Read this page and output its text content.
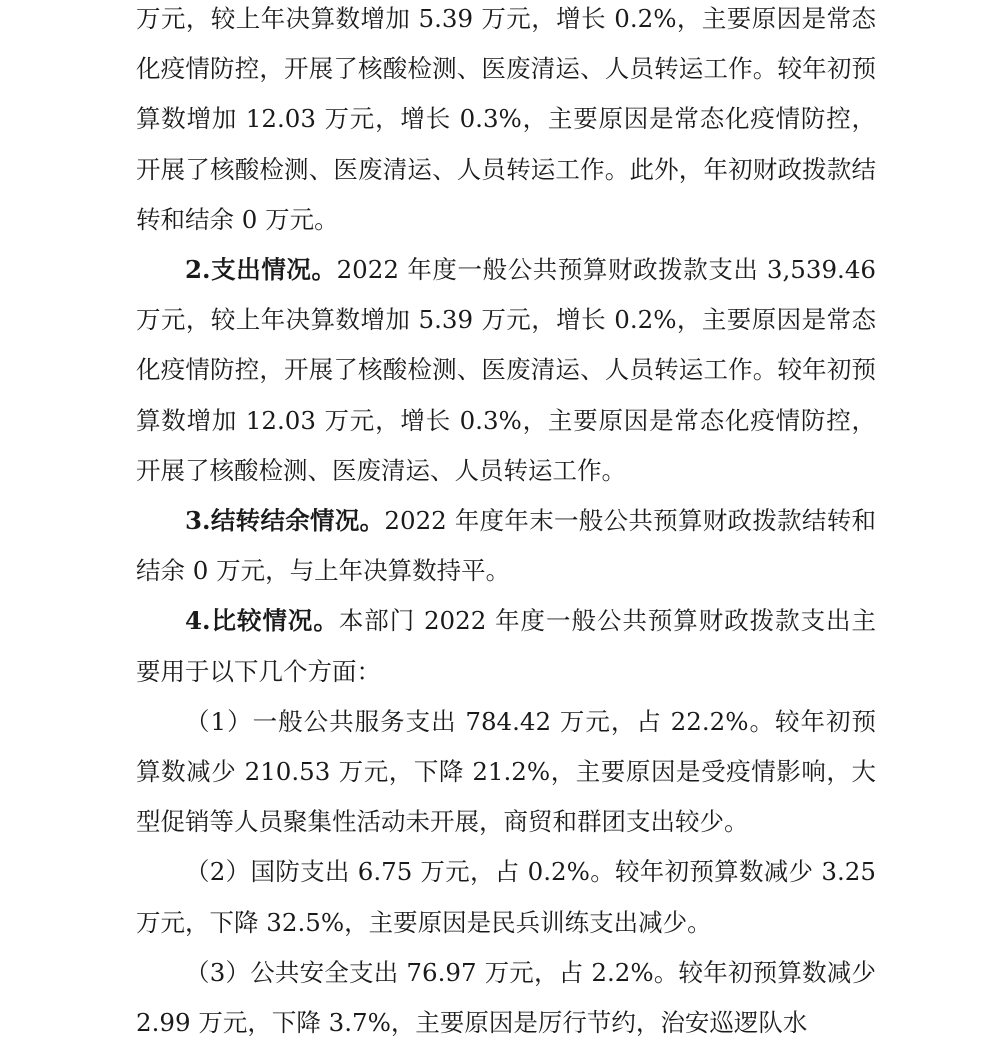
万元，较上年决算数增加 5.39 万元，增长 0.2%，主要原因是常态化疫情防控，开展了核酸检测、医废清运、人员转运工作。较年初预算数增加 12.03 万元，增长 0.3%，主要原因是常态化疫情防控，开展了核酸检测、医废清运、人员转运工作。此外，年初财政拨款结转和结余 0 万元。

2.支出情况。2022 年度一般公共预算财政拨款支出 3,539.46 万元，较上年决算数增加 5.39 万元，增长 0.2%，主要原因是常态化疫情防控，开展了核酸检测、医废清运、人员转运工作。较年初预算数增加 12.03 万元，增长 0.3%，主要原因是常态化疫情防控，开展了核酸检测、医废清运、人员转运工作。

3.结转结余情况。2022 年度年末一般公共预算财政拨款结转和结余 0 万元，与上年决算数持平。

4.比较情况。本部门 2022 年度一般公共预算财政拨款支出主要用于以下几个方面：

（1）一般公共服务支出 784.42 万元，占 22.2%。较年初预算数减少 210.53 万元，下降 21.2%，主要原因是受疫情影响，大型促销等人员聚集性活动未开展，商贸和群团支出较少。

（2）国防支出 6.75 万元，占 0.2%。较年初预算数减少 3.25 万元，下降 32.5%，主要原因是民兵训练支出减少。

（3）公共安全支出 76.97 万元，占 2.2%。较年初预算数减少 2.99 万元，下降 3.7%，主要原因是厉行节约，治安巡逻队水
